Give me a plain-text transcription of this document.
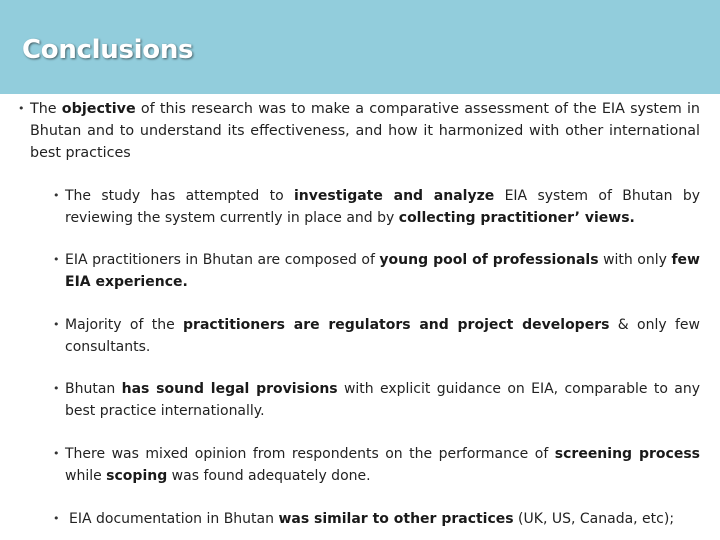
Conclusions
• The objective of this research was to make a comparative assessment of the EIA system in Bhutan and to understand its effectiveness, and how it harmonized with other international best practices
• The study has attempted to investigate and analyze EIA system of Bhutan by reviewing the system currently in place and by collecting practitioner’ views.
• EIA practitioners in Bhutan are composed of young pool of professionals with only few EIA experience.
• Majority of the practitioners are regulators and project developers & only few consultants.
• Bhutan has sound legal provisions with explicit guidance on EIA, comparable to any best practice internationally.
• There was mixed opinion from respondents on the performance of screening process while scoping was found adequately done.
• EIA documentation in Bhutan was similar to other practices (UK, US, Canada, etc);
